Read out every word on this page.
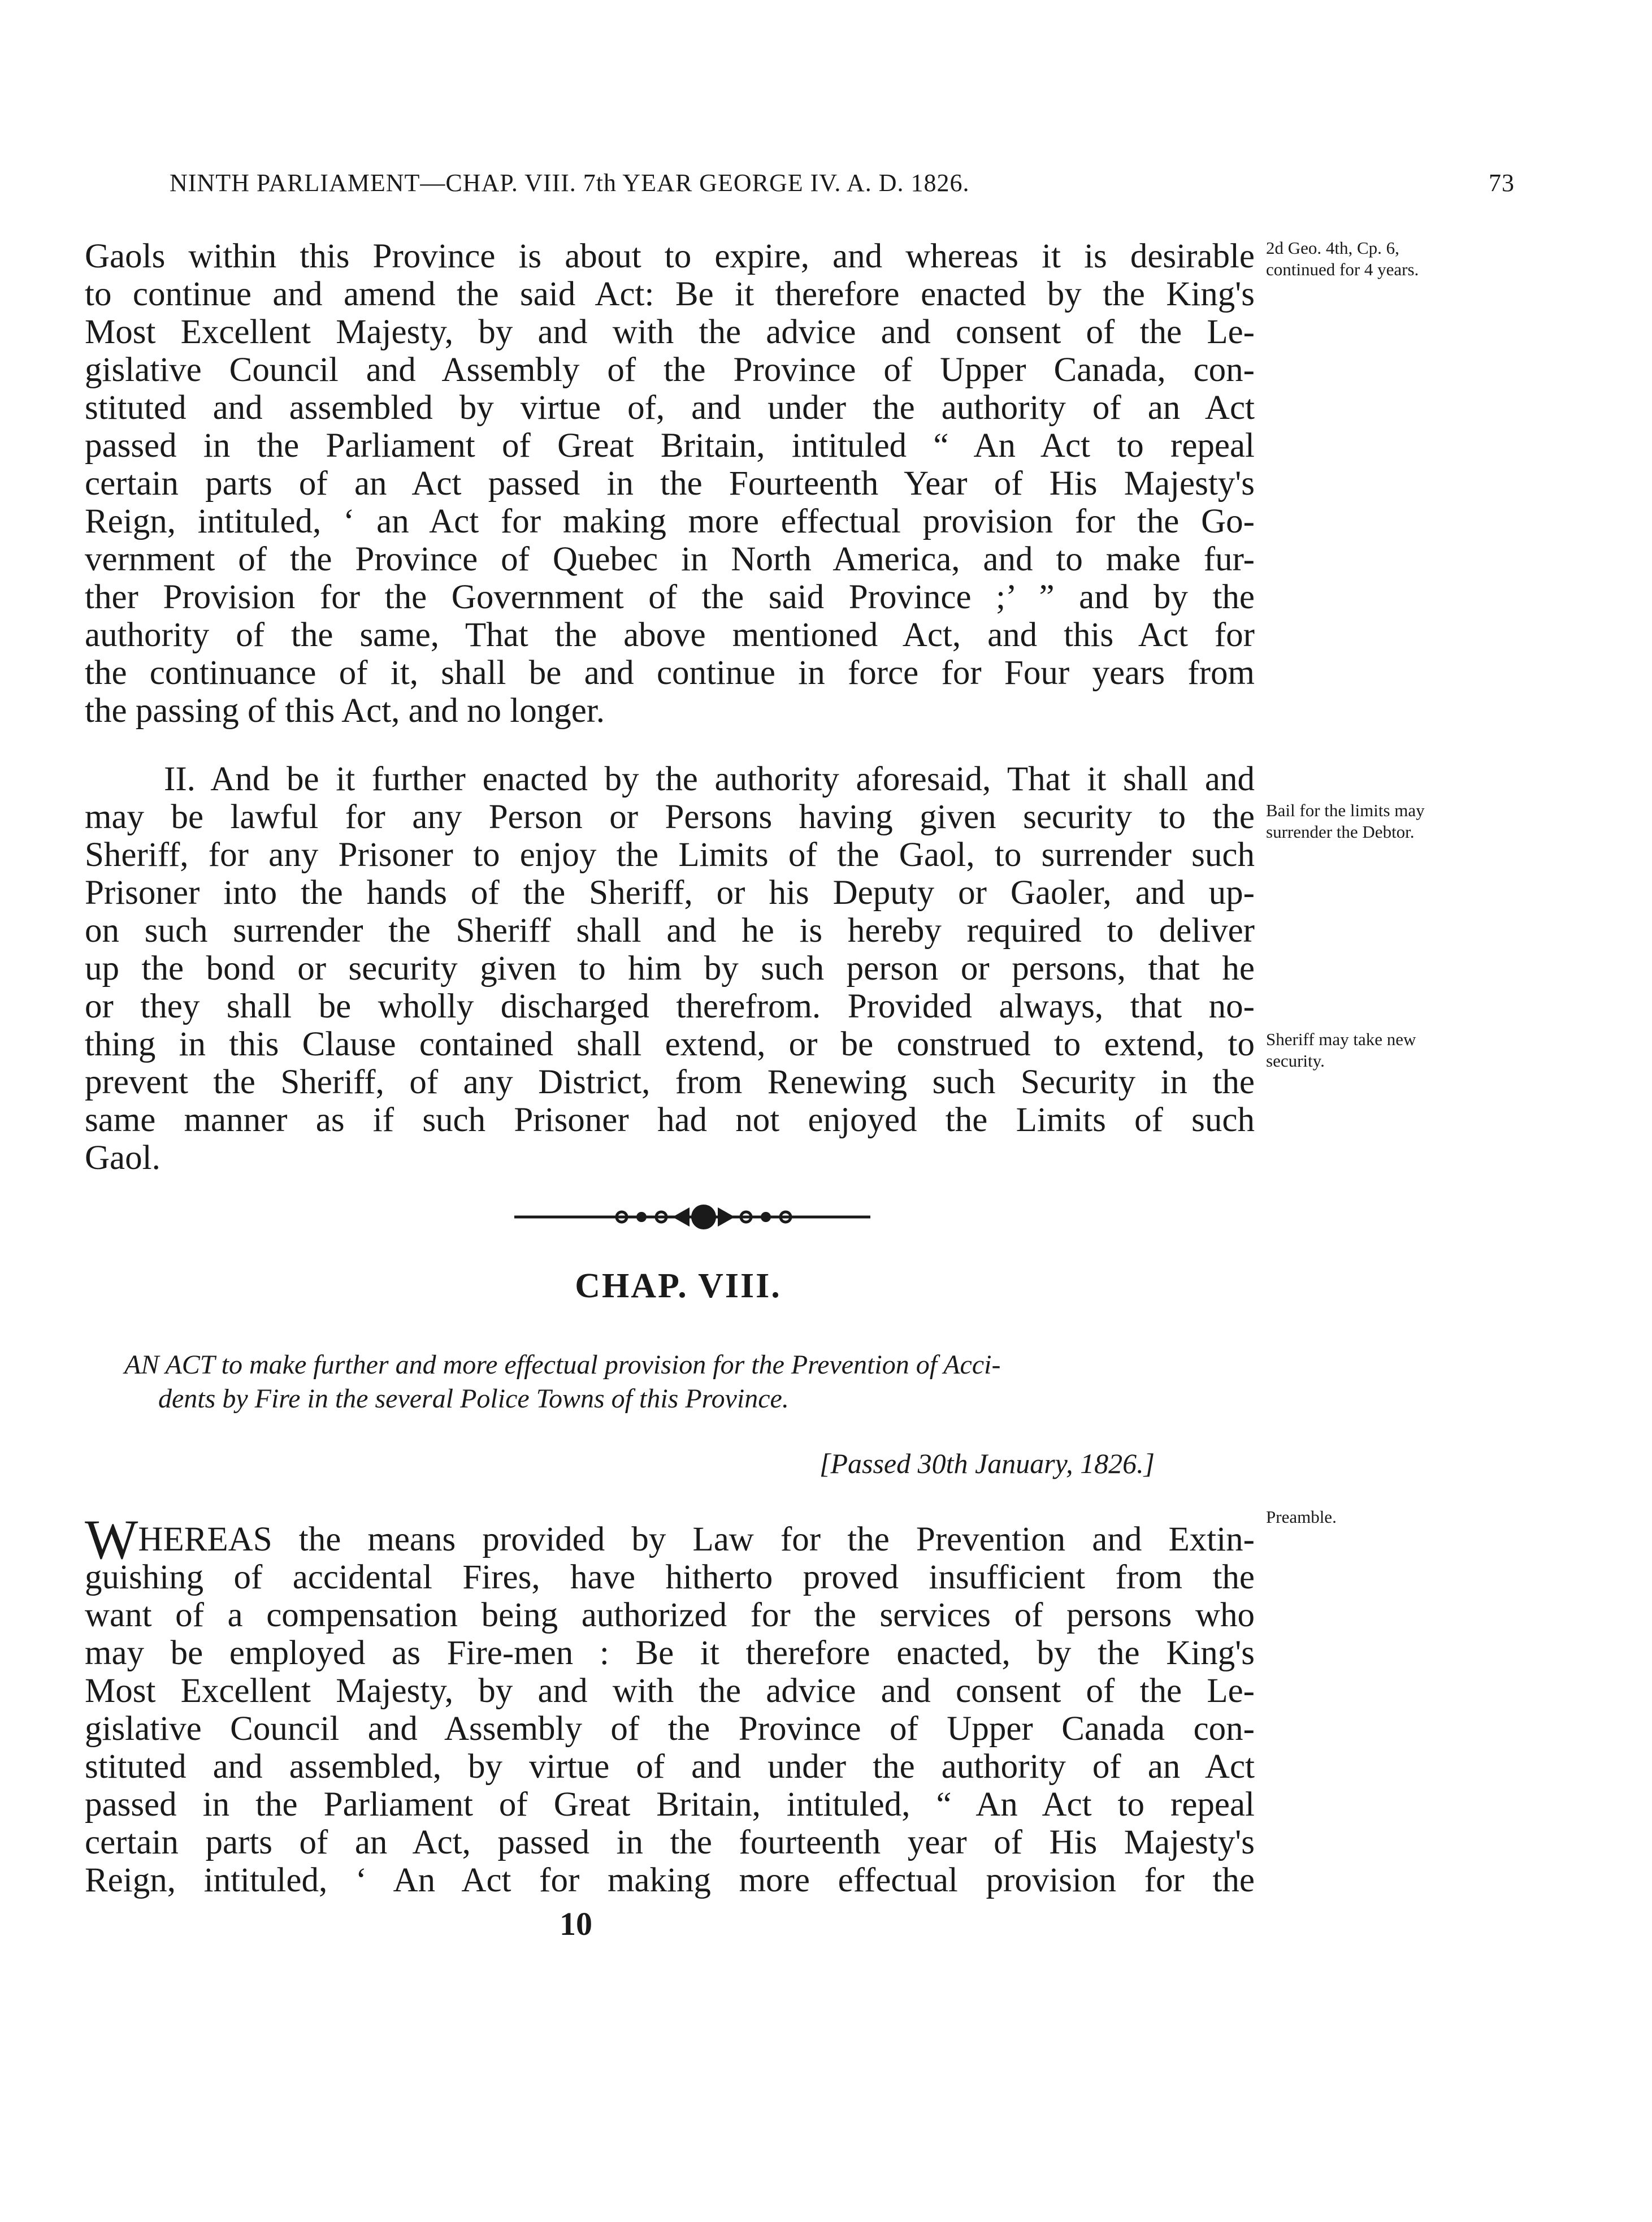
NINTH PARLIAMENT—CHAP. VIII. 7th YEAR GEORGE IV. A. D. 1826.	73
Gaols within this Province is about to expire, and whereas it is desirable
to continue and amend the said Act: Be it therefore enacted by the King's
Most Excellent Majesty, by and with the advice and consent of the Le-
gislative Council and Assembly of the Province of Upper Canada, con-
stituted and assembled by virtue of, and under the authority of an Act
passed in the Parliament of Great Britain, intituled “ An Act to repeal
certain parts of an Act passed in the Fourteenth Year of His Majesty's
Reign, intituled, ‘ an Act for making more effectual provision for the Go-
vernment of the Province of Quebec in North America, and to make fur-
ther Provision for the Government of the said Province ;’ ” and by the
authority of the same, That the above mentioned Act, and this Act for
the continuance of it, shall be and continue in force for Four years from
the passing of this Act, and no longer.
II. And be it further enacted by the authority aforesaid, That it shall and
may be lawful for any Person or Persons having given security to the
Sheriff, for any Prisoner to enjoy the Limits of the Gaol, to surrender such
Prisoner into the hands of the Sheriff, or his Deputy or Gaoler, and up-
on such surrender the Sheriff shall and he is hereby required to deliver
up the bond or security given to him by such person or persons, that he
or they shall be wholly discharged therefrom. Provided always, that no-
thing in this Clause contained shall extend, or be construed to extend, to
prevent the Sheriff, of any District, from Renewing such Security in the
same manner as if such Prisoner had not enjoyed the Limits of such
Gaol.
2d Geo. 4th, Cp. 6,
continued for 4 years.
Bail for the limits may
surrender the Debtor.
Sheriff may take new
security.
Preamble.
CHAP. VIII.
AN ACT to make further and more effectual provision for the Prevention of Acci-
dents by Fire in the several Police Towns of this Province.
[Passed 30th January, 1826.]
WHEREAS the means provided by Law for the Prevention and Extin-
guishing of accidental Fires, have hitherto proved insufficient from the
want of a compensation being authorized for the services of persons who
may be employed as Fire-men : Be it therefore enacted, by the King's
Most Excellent Majesty, by and with the advice and consent of the Le-
gislative Council and Assembly of the Province of Upper Canada con-
stituted and assembled, by virtue of and under the authority of an Act
passed in the Parliament of Great Britain, intituled, “ An Act to repeal
certain parts of an Act, passed in the fourteenth year of His Majesty's
Reign, intituled, ‘ An Act for making more effectual provision for the
10
